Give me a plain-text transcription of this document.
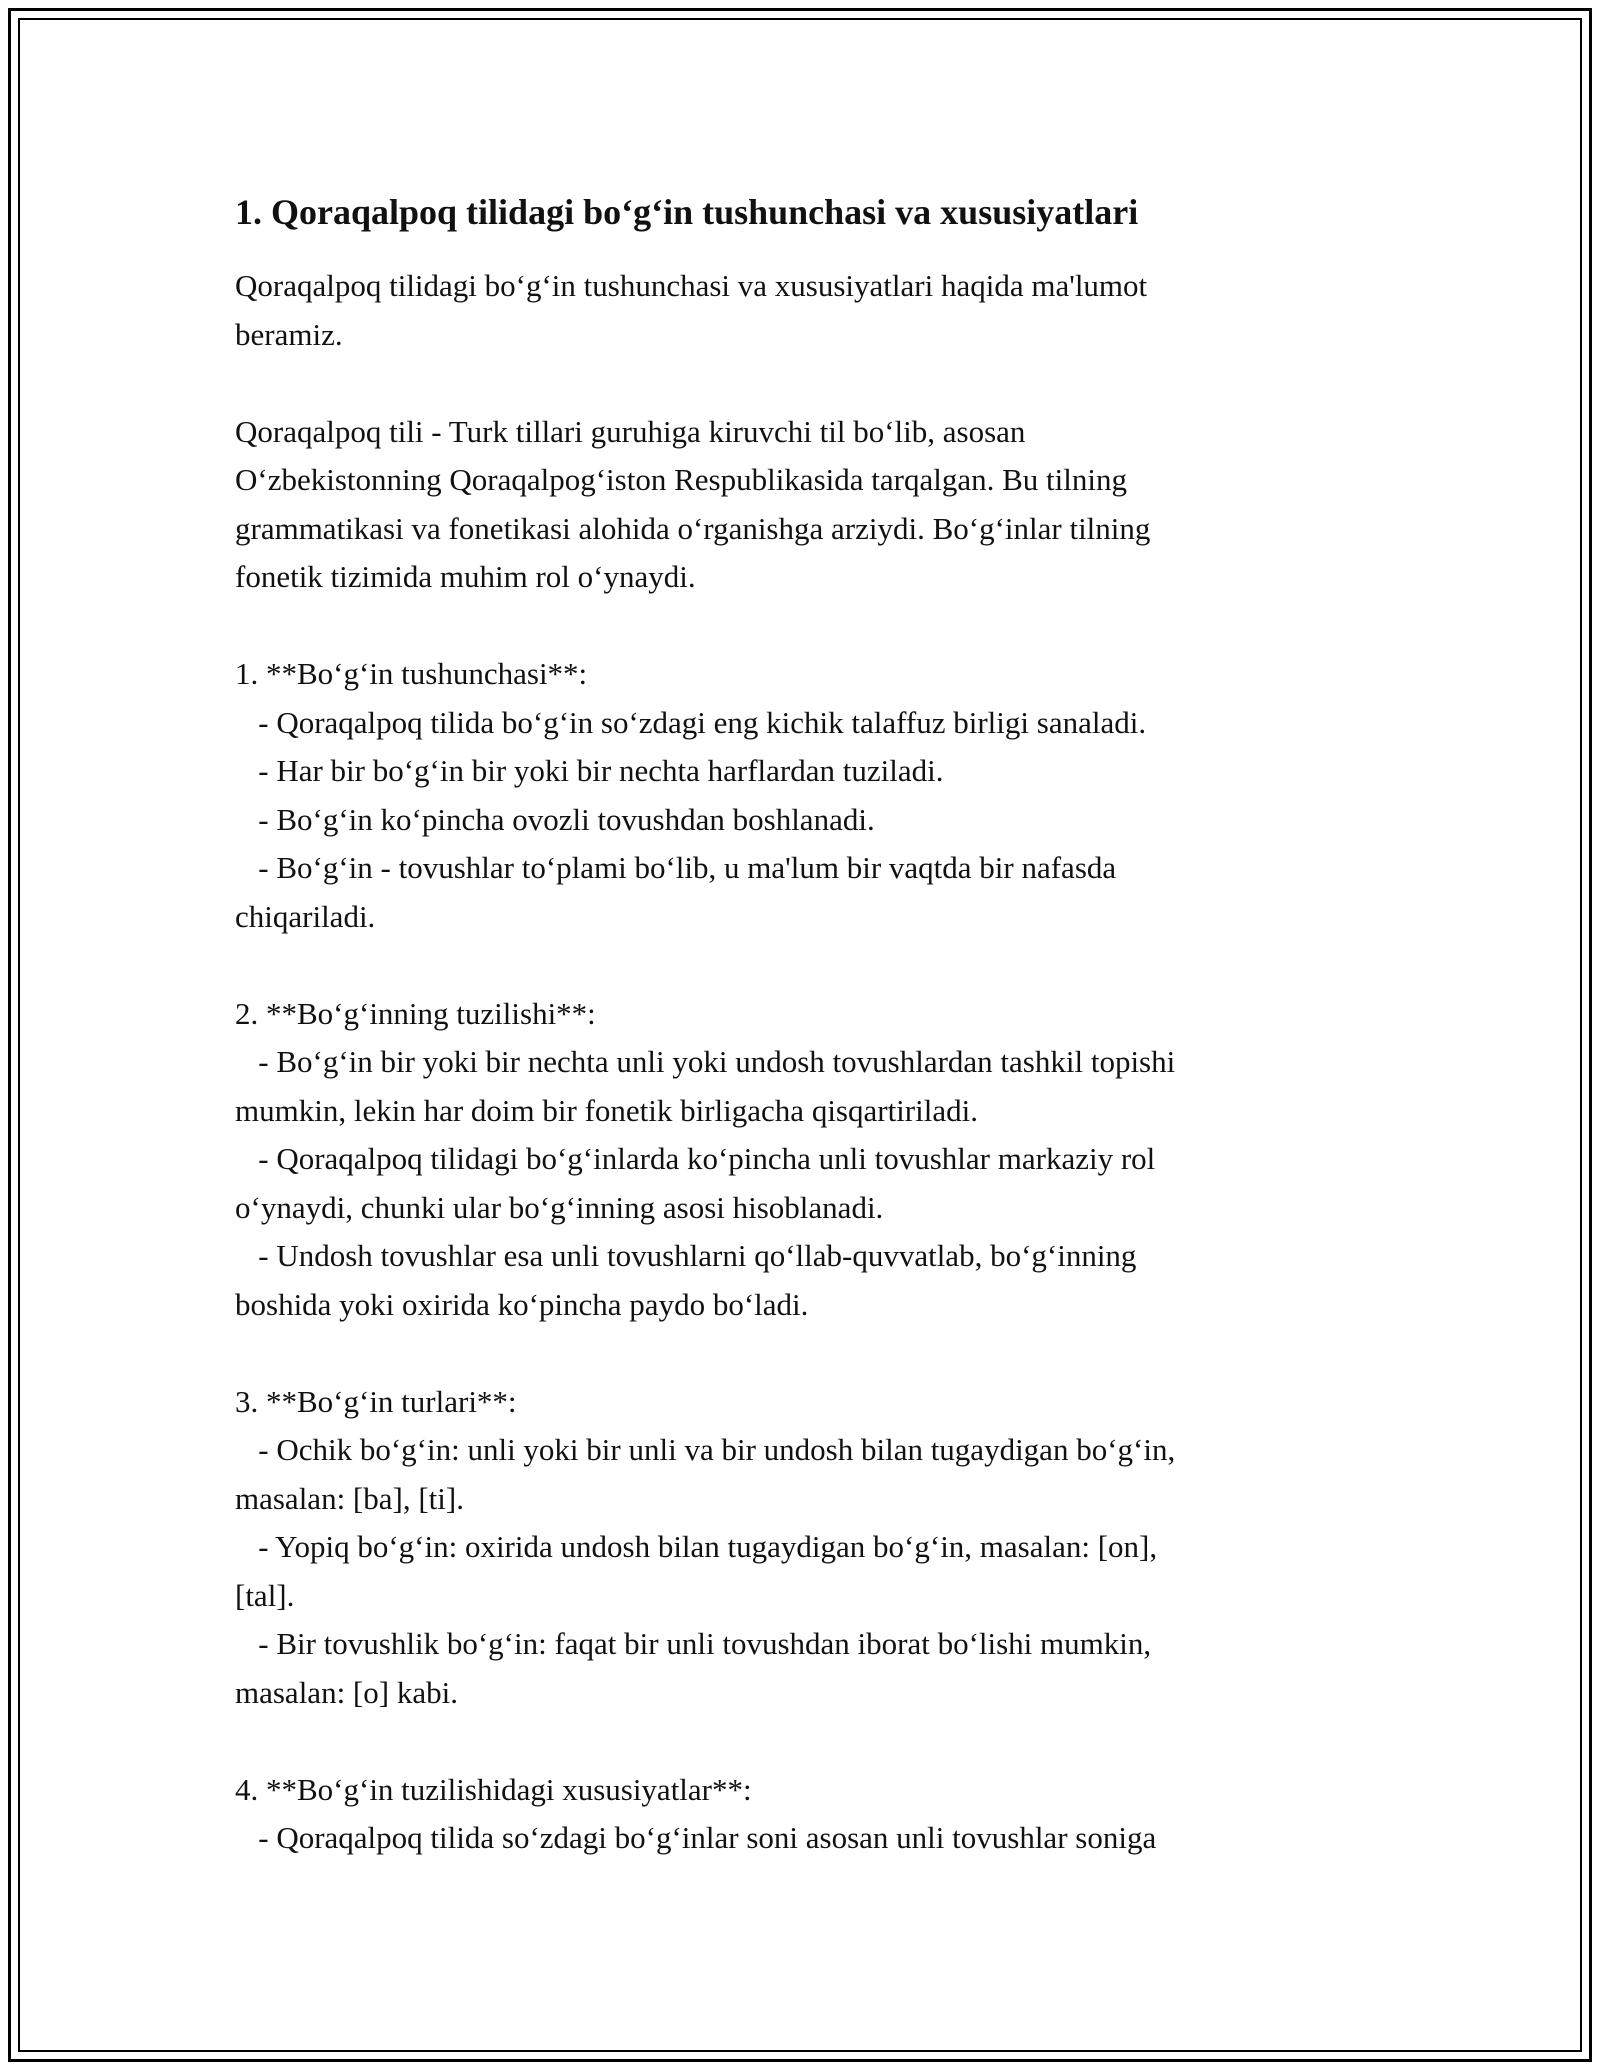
1. Qoraqalpoq tilidagi bo‘g‘in tushunchasi va xususiyatlari

Qoraqalpoq tilidagi bo‘g‘in tushunchasi va xususiyatlari haqida ma'lumot
beramiz.

Qoraqalpoq tili - Turk tillari guruhiga kiruvchi til bo‘lib, asosan
O‘zbekistonning Qoraqalpog‘iston Respublikasida tarqalgan. Bu tilning
grammatikasi va fonetikasi alohida o‘rganishga arziydi. Bo‘g‘inlar tilning
fonetik tizimida muhim rol o‘ynaydi.

1. **Bo‘g‘in tushunchasi**:

- Qoraqalpoq tilida bo‘g‘in so‘zdagi eng kichik talaffuz birligi sanaladi.

- Har bir bo‘g‘in bir yoki bir nechta harflardan tuziladi.

- Bo‘g‘in ko‘pincha ovozli tovushdan boshlanadi.

- Bo‘g‘in - tovushlar to‘plami bo‘lib, u ma'lum bir vaqtda bir nafasda
chiqariladi.

2. **Bo‘g‘inning tuzilishi**:

- Bo‘g‘in bir yoki bir nechta unli yoki undosh tovushlardan tashkil topishi
mumkin, lekin har doim bir fonetik birligacha qisqartiriladi.

- Qoraqalpoq tilidagi bo‘g‘inlarda ko‘pincha unli tovushlar markaziy rol
o‘ynaydi, chunki ular bo‘g‘inning asosi hisoblanadi.

- Undosh tovushlar esa unli tovushlarni qo‘llab-quvvatlab, bo‘g‘inning
boshida yoki oxirida ko‘pincha paydo bo‘ladi.

3. **Bo‘g‘in turlari**:

- Ochik bo‘g‘in: unli yoki bir unli va bir undosh bilan tugaydigan bo‘g‘in,
masalan: [ba], [ti].

- Yopiq bo‘g‘in: oxirida undosh bilan tugaydigan bo‘g‘in, masalan: [on],
[tal].

- Bir tovushlik bo‘g‘in: faqat bir unli tovushdan iborat bo‘lishi mumkin,
masalan: [o] kabi.

4. **Bo‘g‘in tuzilishidagi xususiyatlar**:

- Qoraqalpoq tilida so‘zdagi bo‘g‘inlar soni asosan unli tovushlar soniga
